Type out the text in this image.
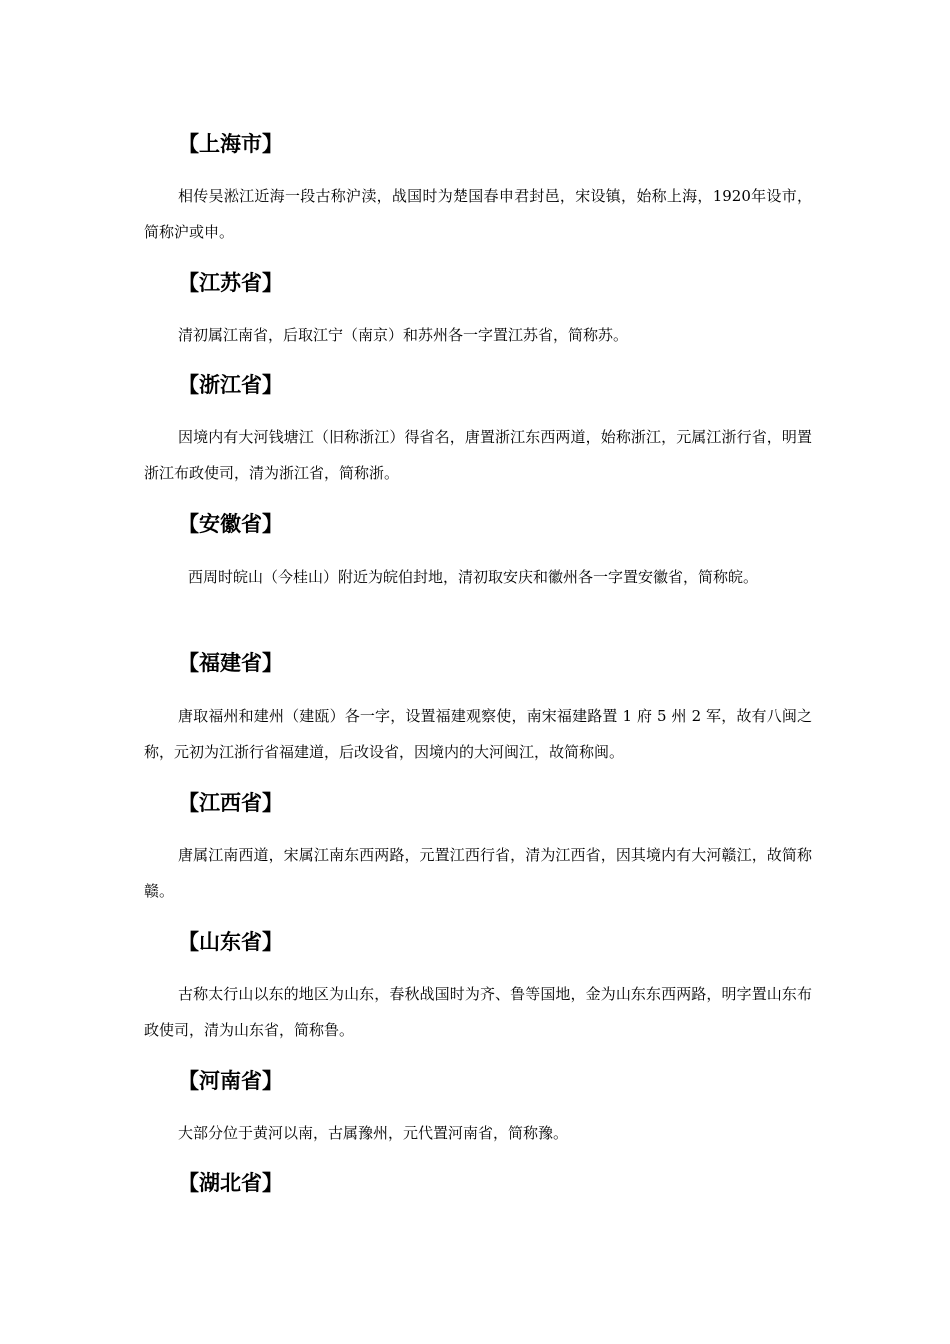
【上海市】

相传吴淞江近海一段古称沪渎，战国时为楚国春申君封邑，宋设镇，始称上海，1920年设市，简称沪或申。

【江苏省】

清初属江南省，后取江宁（南京）和苏州各一字置江苏省，简称苏。

【浙江省】

因境内有大河钱塘江（旧称浙江）得省名，唐置浙江东西两道，始称浙江，元属江浙行省，明置浙江布政使司，清为浙江省，简称浙。

【安徽省】

西周时皖山（今桂山）附近为皖伯封地，清初取安庆和徽州各一字置安徽省，简称皖。

【福建省】

唐取福州和建州（建瓯）各一字，设置福建观察使，南宋福建路置 1 府 5 州 2 军，故有八闽之称，元初为江浙行省福建道，后改设省，因境内的大河闽江，故简称闽。

【江西省】

唐属江南西道，宋属江南东西两路，元置江西行省，清为江西省，因其境内有大河赣江，故简称赣。

【山东省】

古称太行山以东的地区为山东，春秋战国时为齐、鲁等国地，金为山东东西两路，明字置山东布政使司，清为山东省，简称鲁。

【河南省】

大部分位于黄河以南，古属豫州，元代置河南省，简称豫。

【湖北省】
